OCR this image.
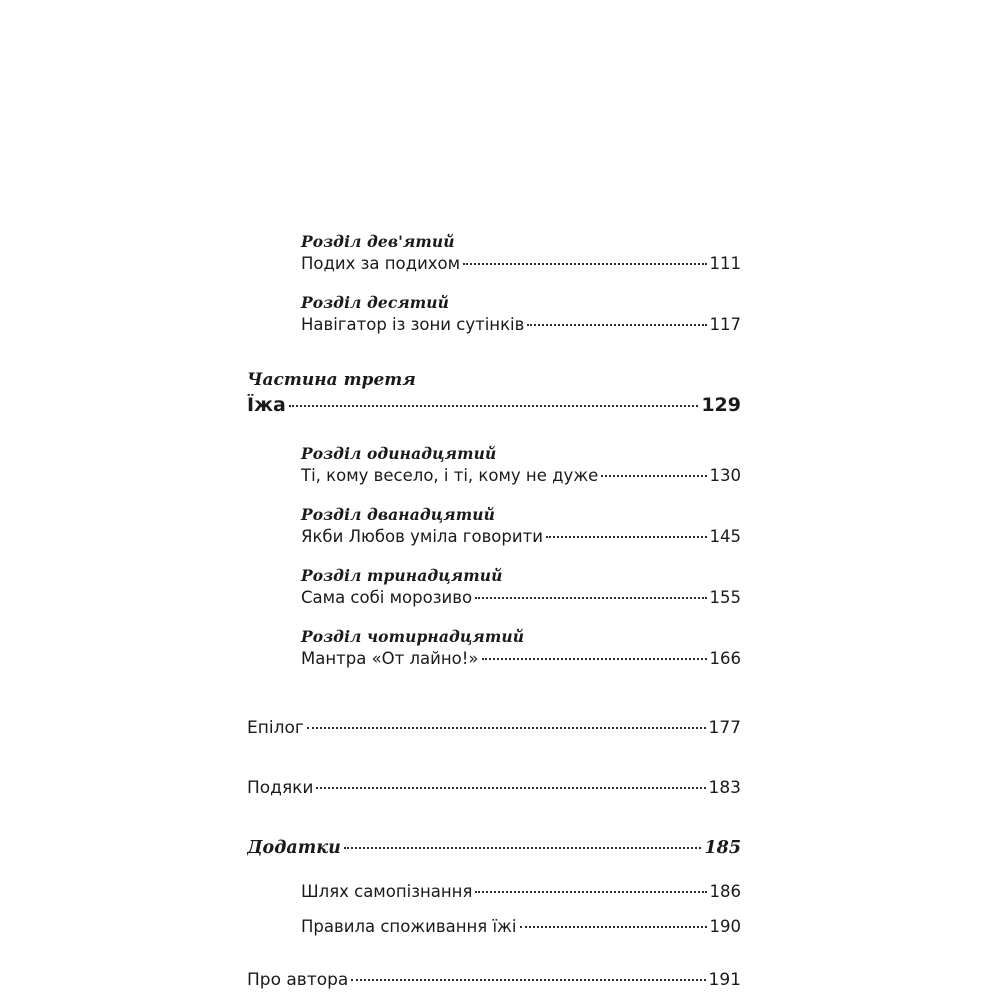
Розділ дев'ятий
Подих за подихом	111
Розділ десятий
Навігатор із зони сутінків	117
Частина третя
Їжа	129
Розділ одинадцятий
Ті, кому весело, і ті, кому не дуже	130
Розділ дванадцятий
Якби Любов уміла говорити	145
Розділ тринадцятий
Сама собі морозиво	155
Розділ чотирнадцятий
Мантра «От лайно!»	166
Епілог	177
Подяки	183
Додатки	185
Шлях самопізнання	186
Правила споживання їжі	190
Про автора	191
